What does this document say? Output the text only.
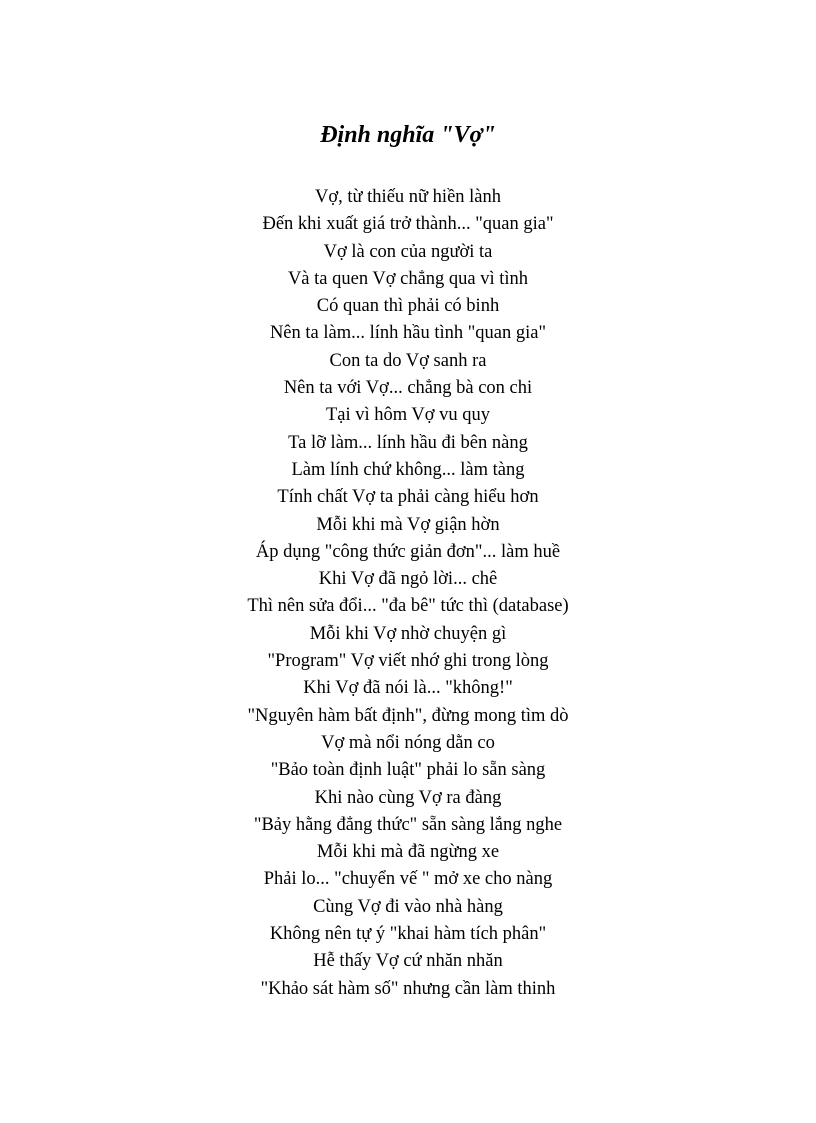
Định nghĩa "Vợ"
Vợ, từ thiếu nữ hiền lành
Đến khi xuất giá trở thành... "quan gia"
Vợ là con của người ta
Và ta quen Vợ chẳng qua vì tình
Có quan thì phải có binh
Nên ta làm... lính hầu tình "quan gia"
Con ta do Vợ sanh ra
Nên ta với Vợ... chẳng bà con chi
Tại vì hôm Vợ vu quy
Ta lỡ làm... lính hầu đi bên nàng
Làm lính chứ không... làm tàng
Tính chất Vợ ta phải càng hiểu hơn
Mỗi khi mà Vợ giận hờn
Áp dụng "công thức giản đơn"... làm huề
Khi Vợ đã ngỏ lời... chê
Thì nên sửa đổi... "đa bê" tức thì (database)
Mỗi khi Vợ nhờ chuyện gì
"Program" Vợ viết nhớ ghi trong lòng
Khi Vợ đã nói là... "không!"
"Nguyên hàm bất định", đừng mong tìm dò
Vợ mà nổi nóng dằn co
"Bảo toàn định luật" phải lo sẵn sàng
Khi nào cùng Vợ ra đàng
"Bảy hằng đẳng thức" sẵn sàng lắng nghe
Mỗi khi mà đã ngừng xe
Phải lo... "chuyển vế " mở xe cho nàng
Cùng Vợ đi vào nhà hàng
Không nên tự ý "khai hàm tích phân"
Hễ thấy Vợ cứ nhăn nhăn
"Khảo sát hàm số" nhưng cần làm thinh
